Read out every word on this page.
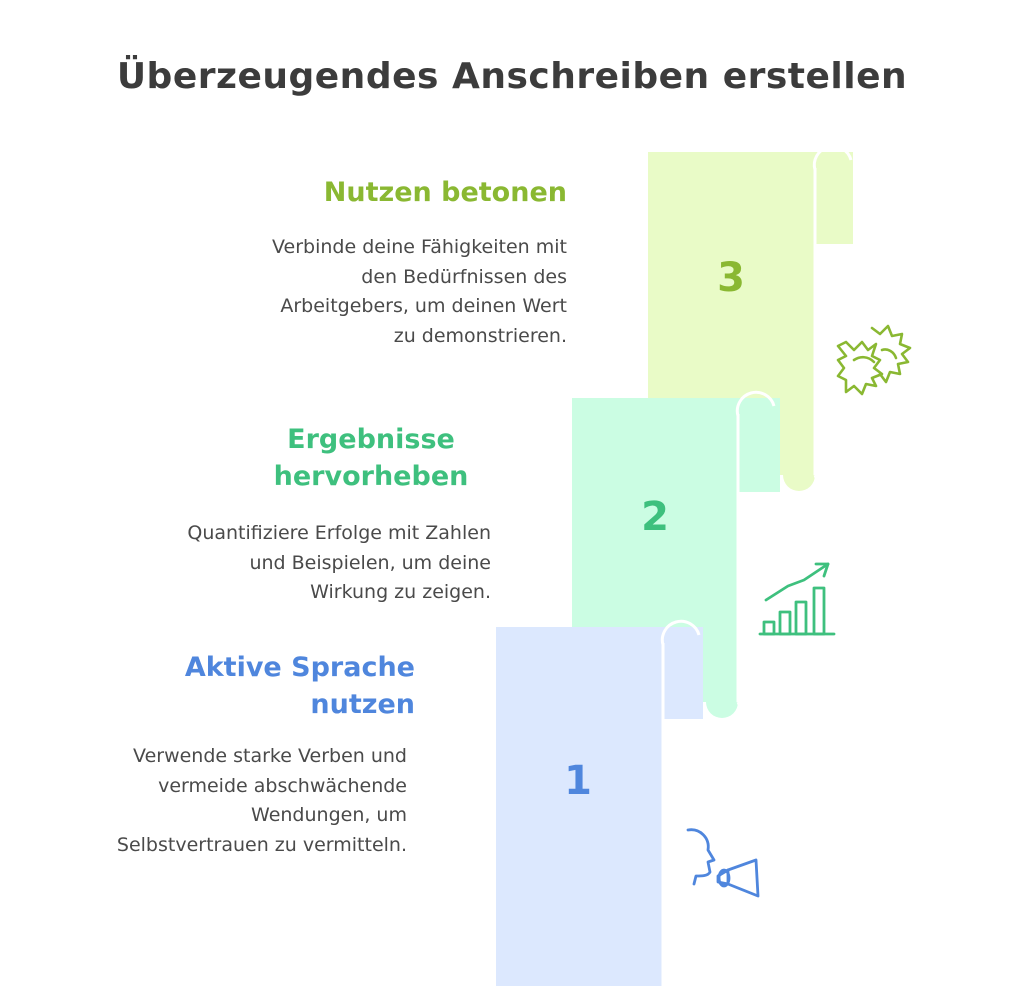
Überzeugendes Anschreiben erstellen
3
2
1
Nutzen betonen

Verbinde deine Fähigkeiten mit den Bedürfnissen des Arbeitgebers, um deinen Wert zu demonstrieren.

Ergebnisse hervorheben

Quantifiziere Erfolge mit Zahlen und Beispielen, um deine Wirkung zu zeigen.

Aktive Sprache nutzen

Verwende starke Verben und vermeide abschwächende Wendungen, um Selbstvertrauen zu vermitteln.
